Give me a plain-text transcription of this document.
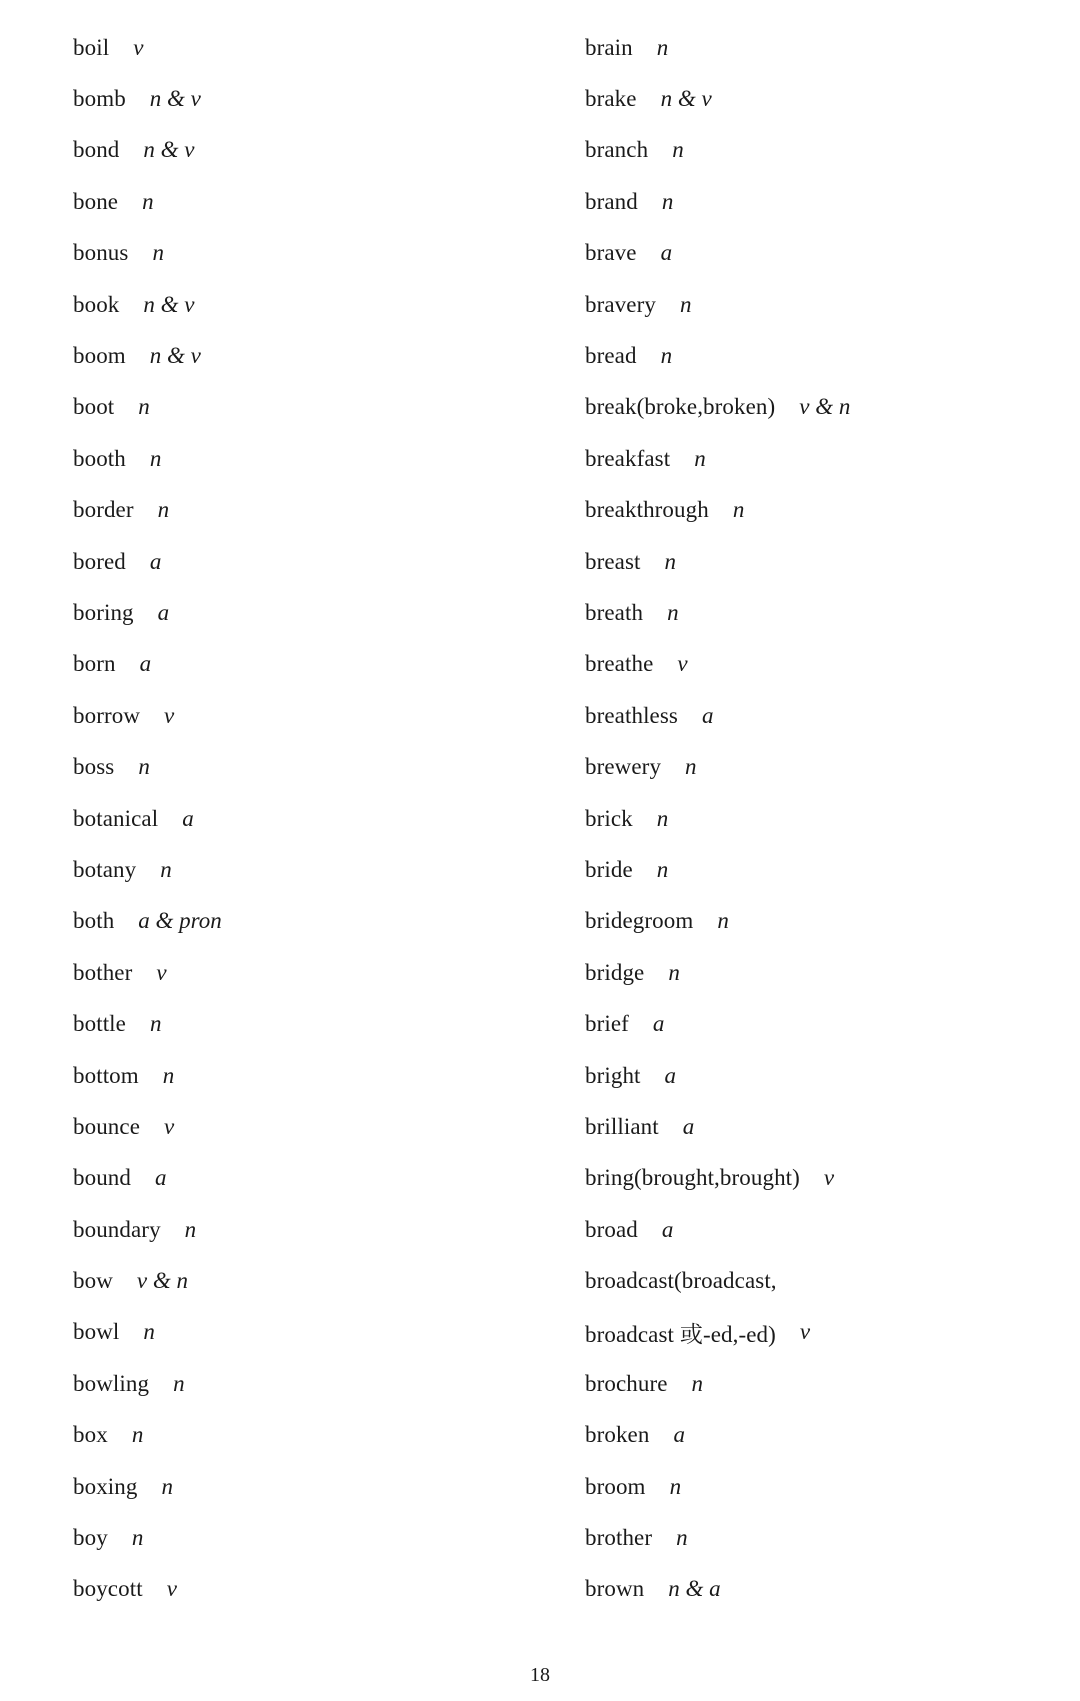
boil v
bomb n & v
bond n & v
bone n
bonus n
book n & v
boom n & v
boot n
booth n
border n
bored a
boring a
born a
borrow v
boss n
botanical a
botany n
both a & pron
bother v
bottle n
bottom n
bounce v
bound a
boundary n
bow v & n
bowl n
bowling n
box n
boxing n
boy n
boycott v
brain n
brake n & v
branch n
brand n
brave a
bravery n
bread n
break(broke,broken) v & n
breakfast n
breakthrough n
breast n
breath n
breathe v
breathless a
brewery n
brick n
bride n
bridegroom n
bridge n
brief a
bright a
brilliant a
bring(brought,brought) v
broad a
broadcast(broadcast,
broadcast 或-ed,-ed) v
brochure n
broken a
broom n
brother n
brown n & a
18
